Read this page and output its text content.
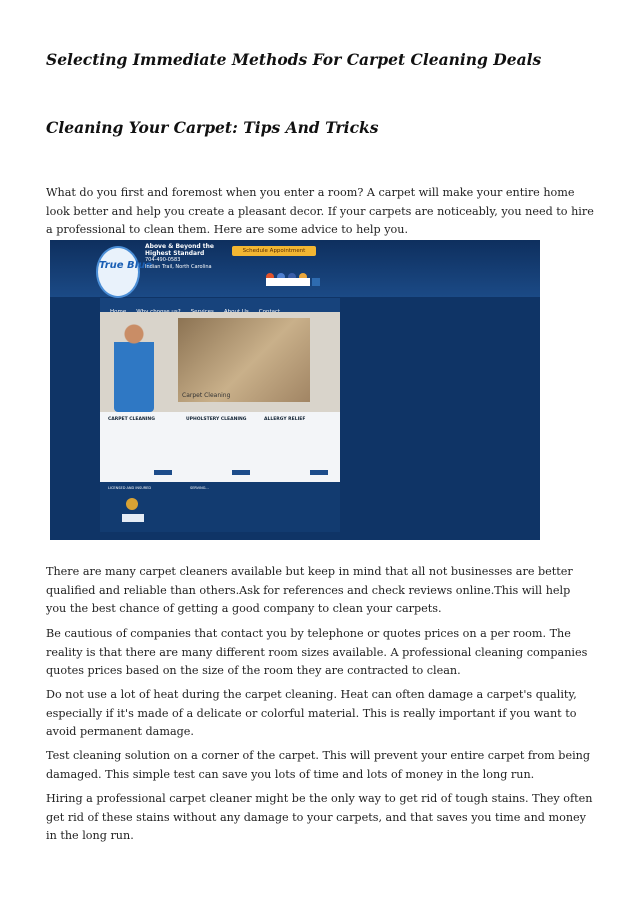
Selecting Immediate Methods For Carpet Cleaning Deals
Cleaning Your Carpet: Tips And Tricks

What do you first and foremost when you enter a room? A carpet will make your entire home look better and help you create a pleasant decor. If your carpets are noticeably, you need to hire a professional to clean them. Here are some advice to help you.

There are many carpet cleaners available but keep in mind that all not businesses are better qualified and reliable than others.Ask for references and check reviews online.This will help you the best chance of getting a good company to clean your carpets.

Be cautious of companies that contact you by telephone or quotes prices on a per room. The reality is that there are many different room sizes available. A professional cleaning companies quotes prices based on the size of the room they are contracted to clean.

Do not use a lot of heat during the carpet cleaning. Heat can often damage a carpet's quality, especially if it's made of a delicate or colorful material. This is really important if you want to avoid permanent damage.

Test cleaning solution on a corner of the carpet. This will prevent your entire carpet from being damaged. This simple test can save you lots of time and lots of money in the long run.

Hiring a professional carpet cleaner might be the only way to get rid of tough stains. They often get rid of these stains without any damage to your carpets, and that saves you time and money in the long run.

True Blue
Above & Beyond the Highest Standard
704-490-0583
Indian Trail, North Carolina
Schedule Appointment
Carpet Cleaning
CARPET CLEANING	UPHOLSTERY CLEANING	ALLERGY RELIEF
LICENSED AND INSURED	SERVING...
